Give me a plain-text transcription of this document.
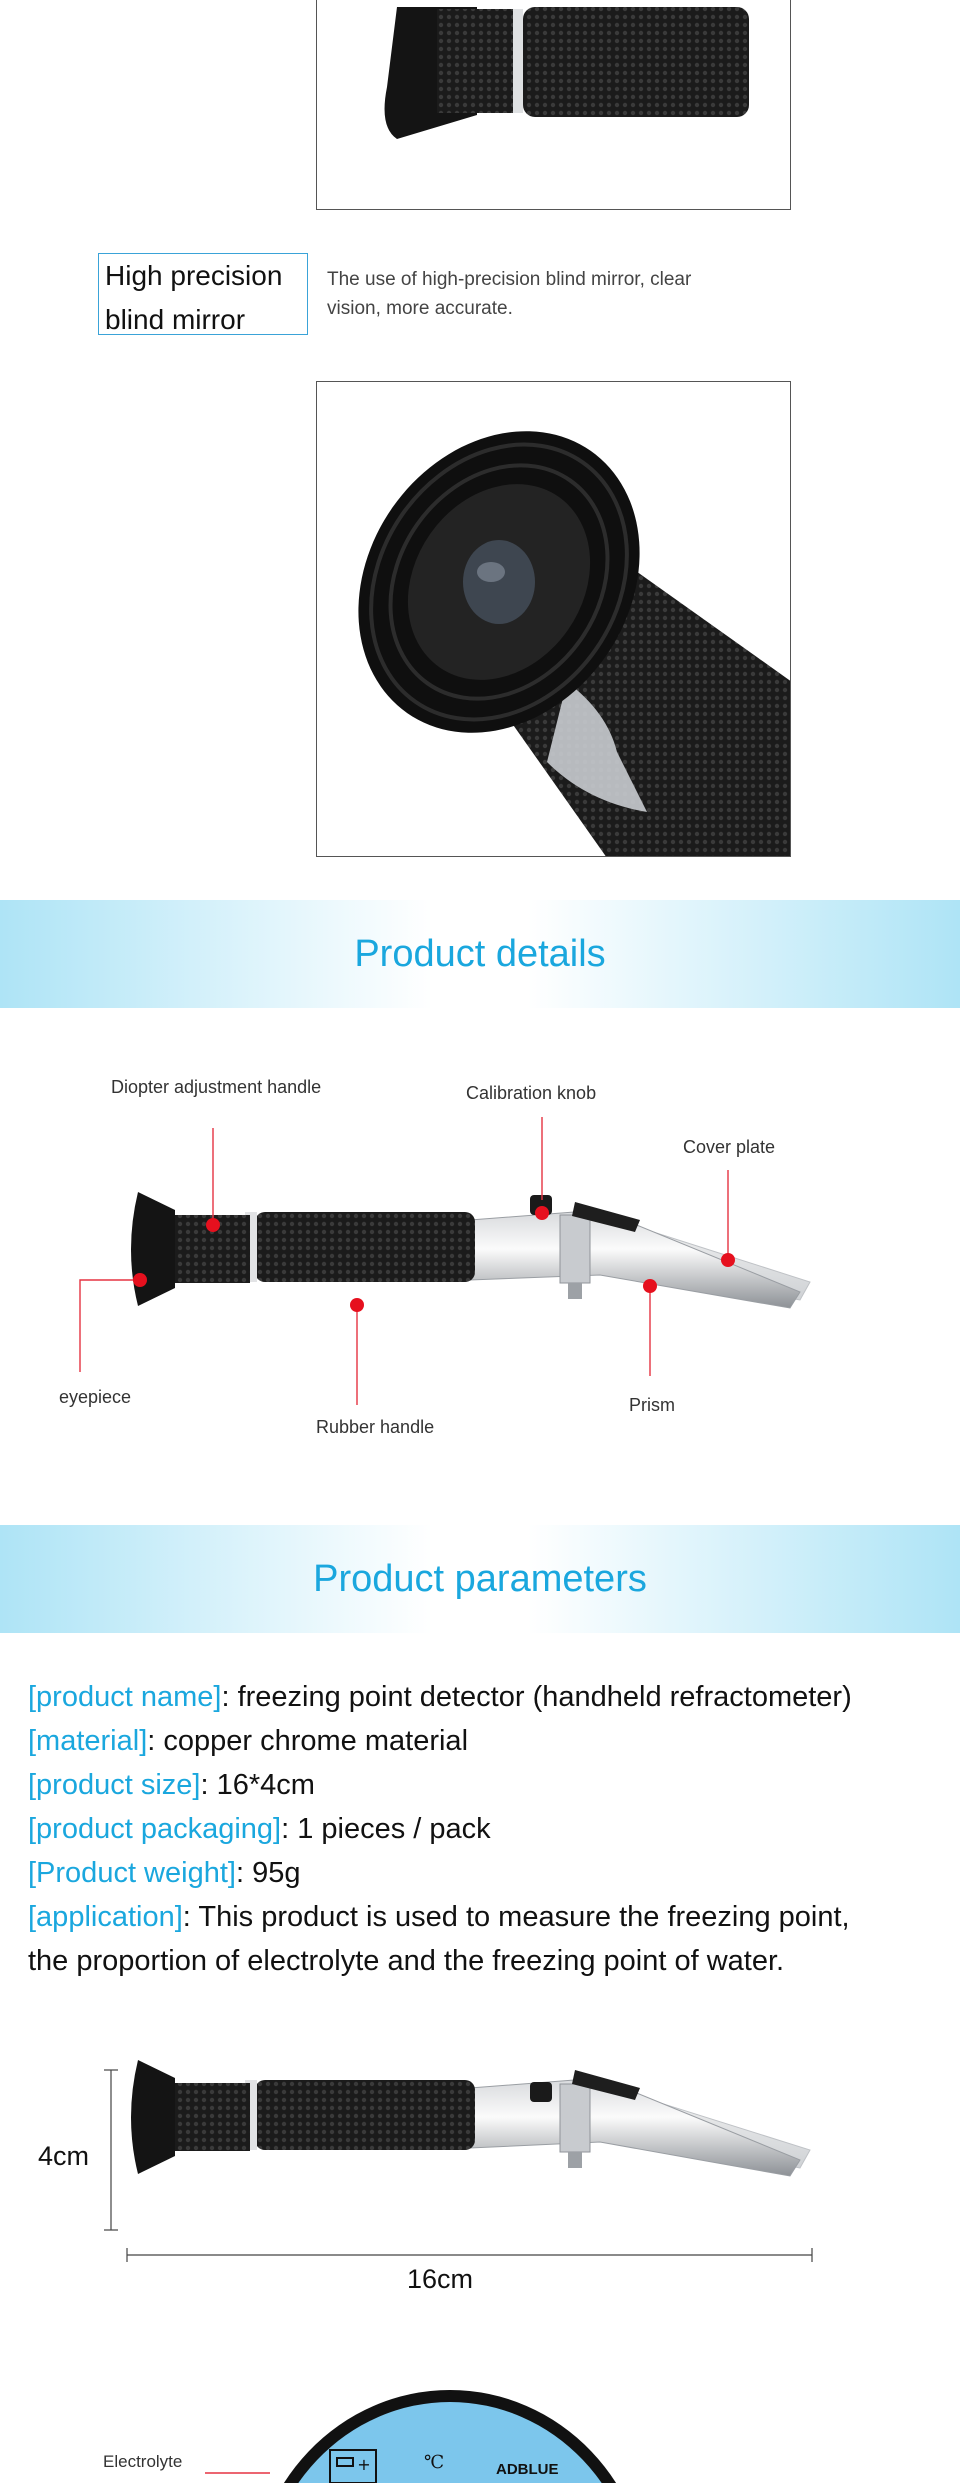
High precision
blind mirror
The use of high-precision blind mirror, clear
vision, more accurate.
Product details
Diopter adjustment handle	Calibration knob
Cover plate
eyepiece
Rubber handle
Prism
Product parameters
[product name]: freezing point detector (handheld refractometer)
[material]: copper chrome material
[product size]: 16*4cm
[product packaging]: 1 pieces / pack
[Product weight]: 95g
[application]: This product is used to measure the freezing point,
the proportion of electrolyte and the freezing point of water.
4cm
16cm
+
Electrolyte	℃	ADBLUE
